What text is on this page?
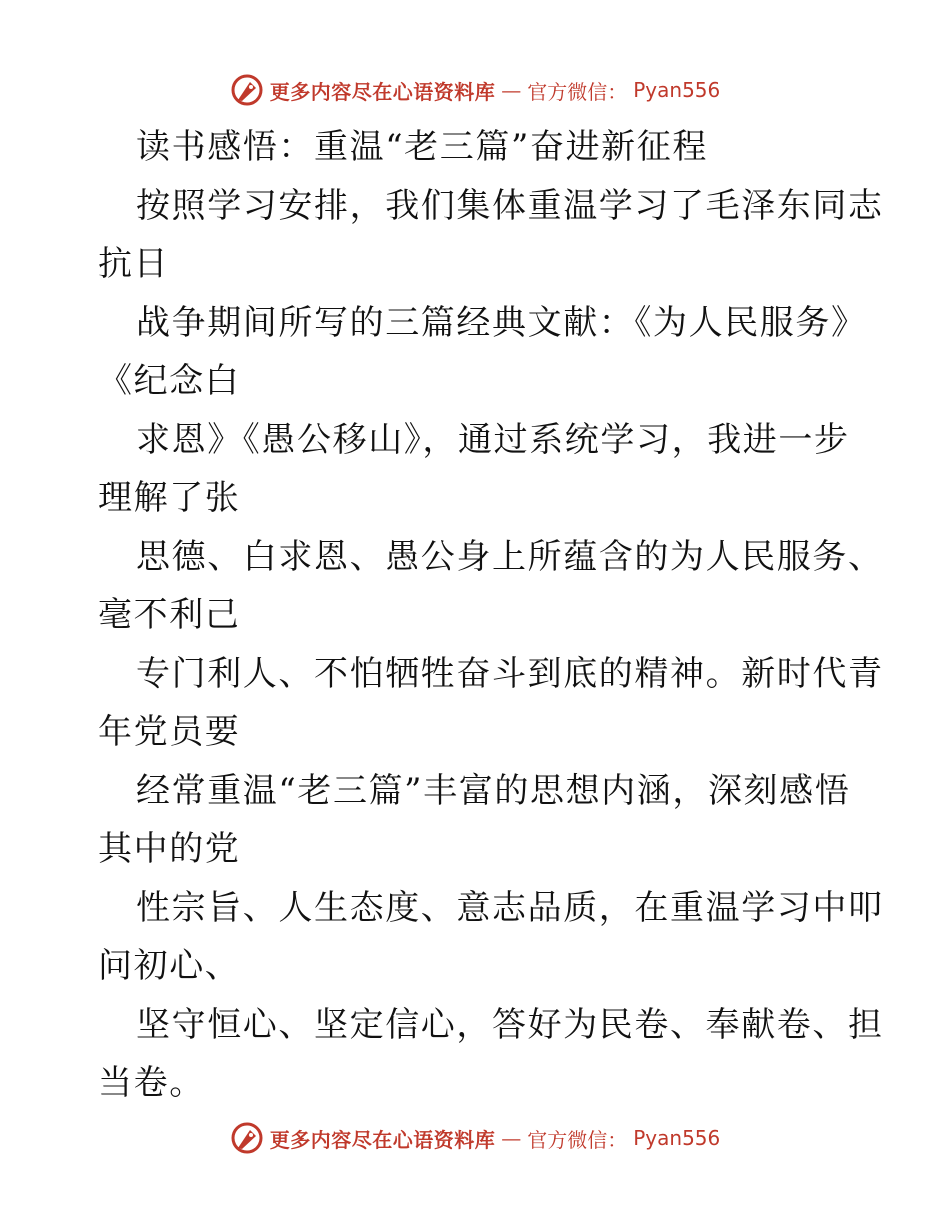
更多内容尽在心语资料库 — 官方微信： Pyan556
读书感悟：重温“老三篇”奋进新征程
按照学习安排，我们集体重温学习了毛泽东同志
抗日
战争期间所写的三篇经典文献：《为人民服务》
《纪念白
求恩》《愚公移山》，通过系统学习，我进一步
理解了张
思德、白求恩、愚公身上所蕴含的为人民服务、
毫不利己
专门利人、不怕牺牲奋斗到底的精神。新时代青
年党员要
经常重温“老三篇”丰富的思想内涵，深刻感悟
其中的党
性宗旨、人生态度、意志品质，在重温学习中叩
问初心、
坚守恒心、坚定信心，答好为民卷、奉献卷、担
当卷。
更多内容尽在心语资料库 — 官方微信： Pyan556
